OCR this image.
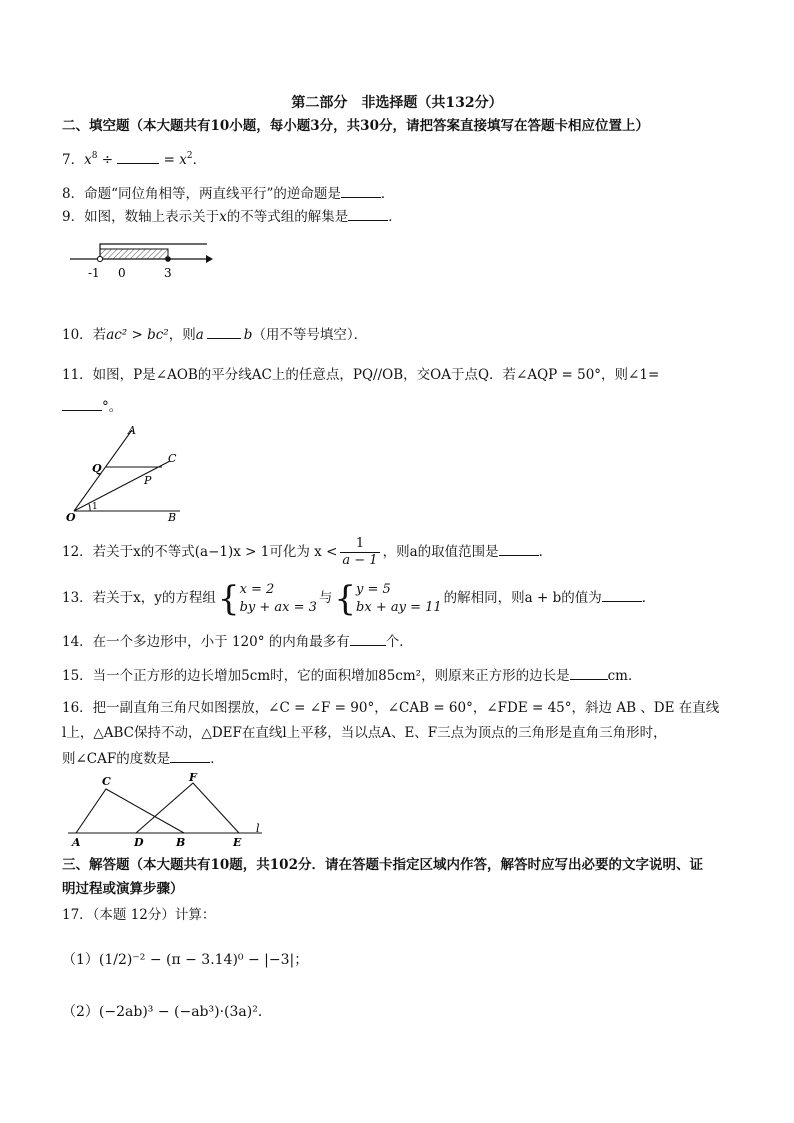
第二部分　非选择题（共132分）
二、填空题（本大题共有10小题，每小题3分，共30分，请把答案直接填写在答题卡相应位置上）
7．$x^8$ ÷	= $x^2$．
8．命题“同位角相等，两直线平行”的逆命题是	．
9．如图，数轴上表示关于x的不等式组的解集是	．
-1 0	3
10．若ac² > bc²，则a	b（用不等号填空）．
11．如图，P是∠AOB的平分线AC上的任意点，PQ//OB，交OA于点Q．若∠AQP = 50°，则∠1=
°。
A
C
Q
P
O	B
1
12．若关于x的不等式(a−1)x > 1可化为 $x < \frac{1}{a - 1}$ ，则a的取值范围是	．
13．若关于x，y的方程组{ x = 2
by + ax = 3
与{ y = 5
bx + ay = 11
的解相同，则a + b的值为	．
14．在一个多边形中，小于 120° 的内角最多有	个．
15．当一个正方形的边长增加5cm时，它的面积增加85cm²，则原来正方形的边长是	cm．
16．把一副直角三角尺如图摆放，∠C = ∠F = 90°，∠CAB = 60°，∠FDE = 45°，斜边 AB 、DE 在直线
l上，△ABC保持不动，△DEF在直线l上平移，当以点A、E、F三点为顶点的三角形是直角三角形时，
则∠CAF的度数是	．
C	F
A	D	B	E
l
三、解答题（本大题共有10题，共102分．请在答题卡指定区域内作答，解答时应写出必要的文字说明、证
明过程或演算步骤）
17．（本题 12分）计算：
（1）(1/2)⁻² − (π − 3.14)⁰ − |−3|；
（2）(−2ab)³ − (−ab³)·(3a)²．
